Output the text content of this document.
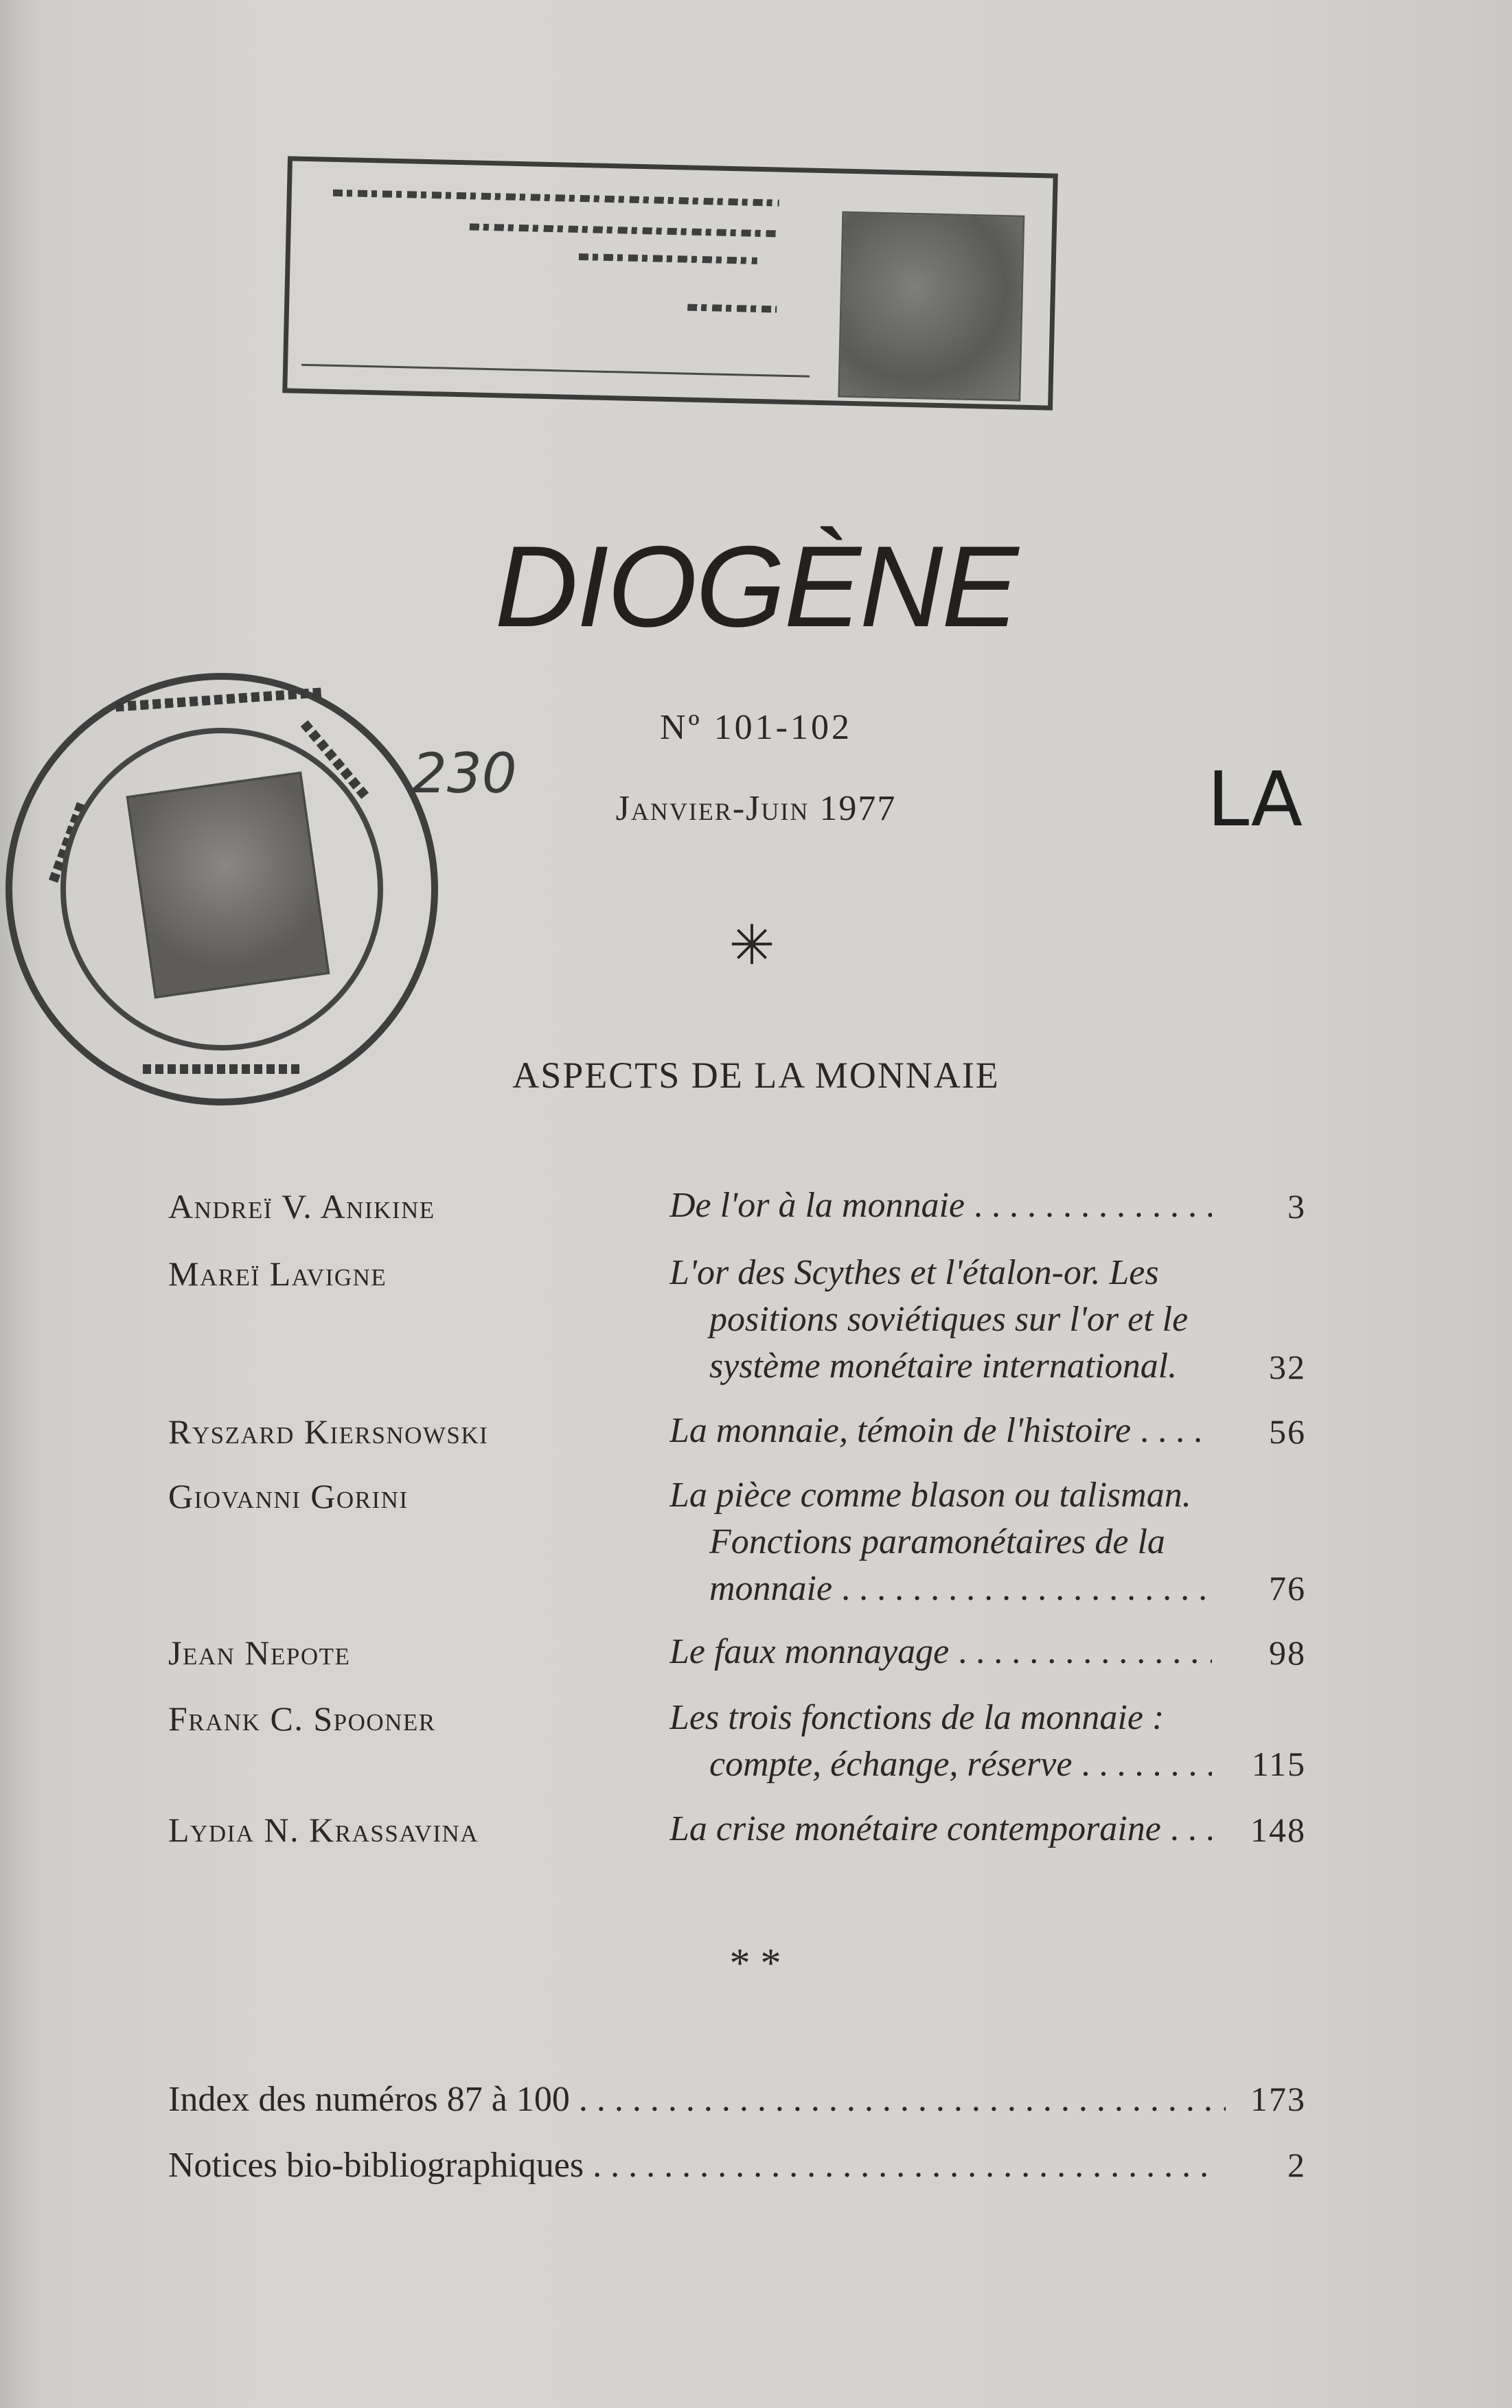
DIOGÈNE
Nº 101-102
230
Janvier-Juin 1977	LA
✳
ASPECTS DE LA MONNAIE
Andreï V. Anikine	De l'or à la monnaie . . .	3
Mareï Lavigne	L'or des Scythes et l'étalon-or. Les
positions soviétiques sur l'or et le
système monétaire international.	32
Ryszard Kiersnowski	La monnaie, témoin de l'histoire . . .	56
Giovanni Gorini	La pièce comme blason ou talisman.
Fonctions paramonétaires de la
monnaie . . .	76
Jean Nepote	Le faux monnayage . . .	98
Frank C. Spooner	Les trois fonctions de la monnaie :
compte, échange, réserve . . .	115
Lydia N. Krassavina	La crise monétaire contemporaine . . .	148
* *
Index des numéros 87 à 100 . . .	173
Notices bio-bibliographiques . . .	2
